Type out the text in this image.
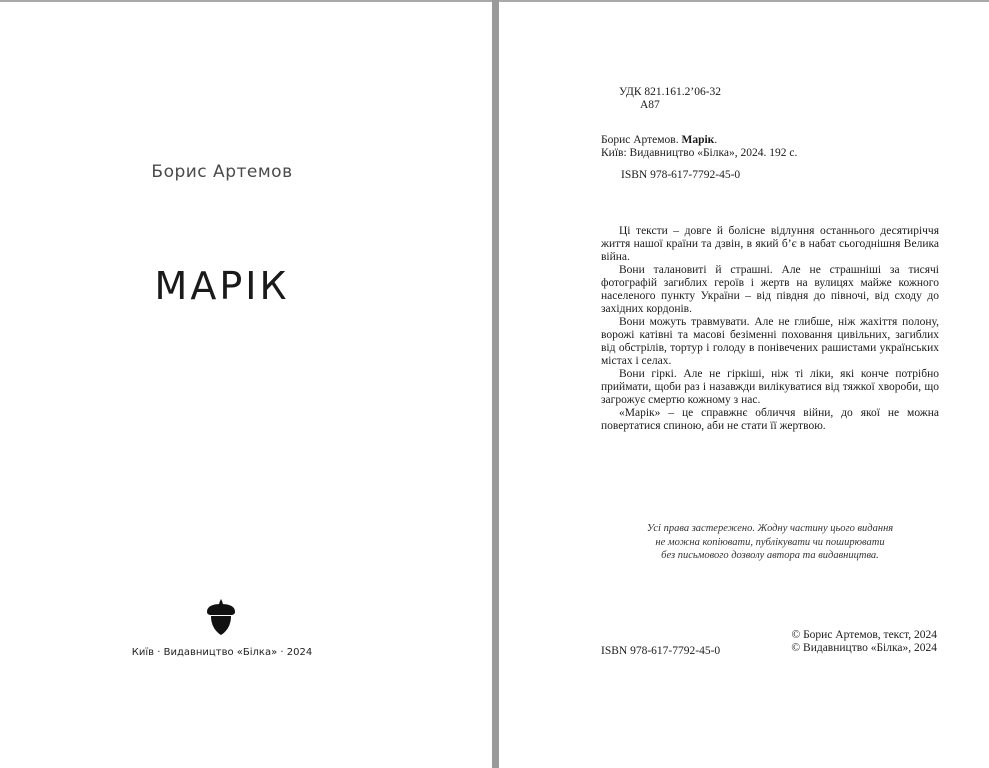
Борис Артемов
МАРІК
Київ · Видавництво «Білка» · 2024
УДК 821.161.2’06-32
А87
Борис Артемов. Марік.
Київ: Видавництво «Білка», 2024. 192 с.
ISBN 978-617-7792-45-0

Ці тексти – довге й болісне відлуння останнього десятиріччя життя нашої країни та дзвін, в який б’є в набат сьогоднішня Велика війна.

Вони талановиті й страшні. Але не страшніші за тисячі фотографій загиблих героїв і жертв на вулицях майже кожного населеного пункту України – від півдня до півночі, від сходу до західних кордонів.

Вони можуть травмувати. Але не глибше, ніж жахіття полону, ворожі катівні та масові безіменні поховання цивільних, загиблих від обстрілів, тортур і голоду в понівечених рашистами українських містах і селах.

Вони гіркі. Але не гіркіші, ніж ті ліки, які конче потрібно приймати, щоби раз і назавжди вилікуватися від тяжкої хвороби, що загрожує смертю кожному з нас.

«Марік» – це справжнє обличчя війни, до якої не можна повертатися спиною, аби не стати її жертвою.

Усі права застережено. Жодну частину цього видання
не можна копіювати, публікувати чи поширювати
без письмового дозволу автора та видавництва.
ISBN 978-617-7792-45-0
© Борис Артемов, текст, 2024
© Видавництво «Білка», 2024
